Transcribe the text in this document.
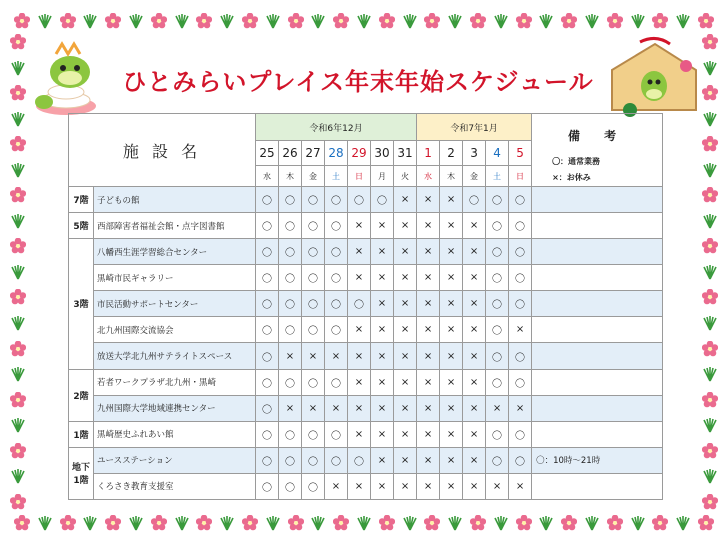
ひとみらいプレイス年末年始スケジュール
施 設 名		令和6年12月							令和7年1月					備 考
〇：通常業務
×：お休み

		25	26	27	28	29	30	31	1	2	3	4	5	
		水	木	金	土	日	月	火	水	木	金	土	日	
7階	子どもの館	〇	〇	〇	〇	〇	〇	×	×	×	〇	〇	〇	
5階	西部障害者福祉会館・点字図書館	〇	〇	〇	〇	×	×	×	×	×	×	〇	〇	
3階	八幡西生涯学習総合センター	〇	〇	〇	〇	×	×	×	×	×	×	〇	〇	
	黒崎市民ギャラリー	〇	〇	〇	〇	×	×	×	×	×	×	〇	〇	
	市民活動サポートセンター	〇	〇	〇	〇	〇	×	×	×	×	×	〇	〇	
	北九州国際交流協会	〇	〇	〇	〇	×	×	×	×	×	×	〇	×	
	放送大学北九州サテライトスペース	〇	×	×	×	×	×	×	×	×	×	〇	〇	
2階	若者ワークプラザ北九州・黒崎	〇	〇	〇	〇	×	×	×	×	×	×	〇	〇	
	九州国際大学地域連携センター	〇	×	×	×	×	×	×	×	×	×	×	×	
1階	黒崎歴史ふれあい館	〇	〇	〇	〇	×	×	×	×	×	×	〇	〇	
地下
1階	ユースステーション	〇	〇	〇	〇	〇	×	×	×	×	×	〇	〇	〇：10時～21時
	くろさき教育支援室	〇	〇	〇	×	×	×	×	×	×	×	×	×	
